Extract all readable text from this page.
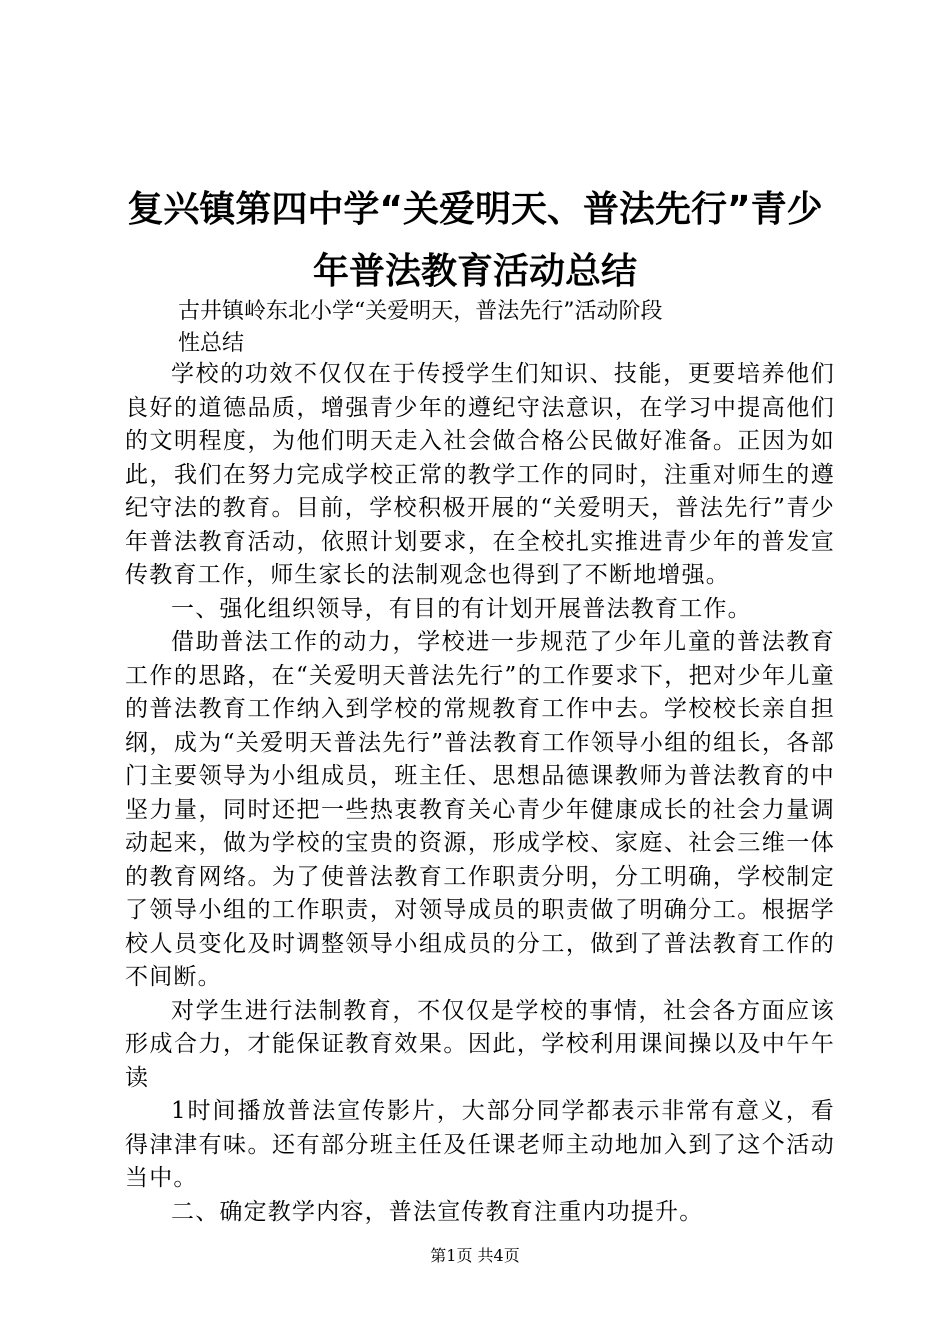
复兴镇第四中学“关爱明天、普法先行”青少
年普法教育活动总结
古井镇岭东北小学“关爱明天，普法先行”活动阶段
性总结

学校的功效不仅仅在于传授学生们知识、技能，更要培养他们良好的道德品质，增强青少年的遵纪守法意识，在学习中提高他们的文明程度，为他们明天走入社会做合格公民做好准备。正因为如此，我们在努力完成学校正常的教学工作的同时，注重对师生的遵纪守法的教育。目前，学校积极开展的“关爱明天，普法先行”青少年普法教育活动，依照计划要求，在全校扎实推进青少年的普发宣传教育工作，师生家长的法制观念也得到了不断地增强。

一、强化组织领导，有目的有计划开展普法教育工作。

借助普法工作的动力，学校进一步规范了少年儿童的普法教育工作的思路，在“关爱明天普法先行”的工作要求下，把对少年儿童的普法教育工作纳入到学校的常规教育工作中去。学校校长亲自担纲，成为“关爱明天普法先行”普法教育工作领导小组的组长，各部门主要领导为小组成员，班主任、思想品德课教师为普法教育的中坚力量，同时还把一些热衷教育关心青少年健康成长的社会力量调动起来，做为学校的宝贵的资源，形成学校、家庭、社会三维一体的教育网络。为了使普法教育工作职责分明，分工明确，学校制定了领导小组的工作职责，对领导成员的职责做了明确分工。根据学校人员变化及时调整领导小组成员的分工，做到了普法教育工作的不间断。

对学生进行法制教育，不仅仅是学校的事情，社会各方面应该形成合力，才能保证教育效果。因此，学校利用课间操以及中午午读

1时间播放普法宣传影片，大部分同学都表示非常有意义，看得津津有味。还有部分班主任及任课老师主动地加入到了这个活动当中。

二、确定教学内容，普法宣传教育注重内功提升。

第1页 共4页
